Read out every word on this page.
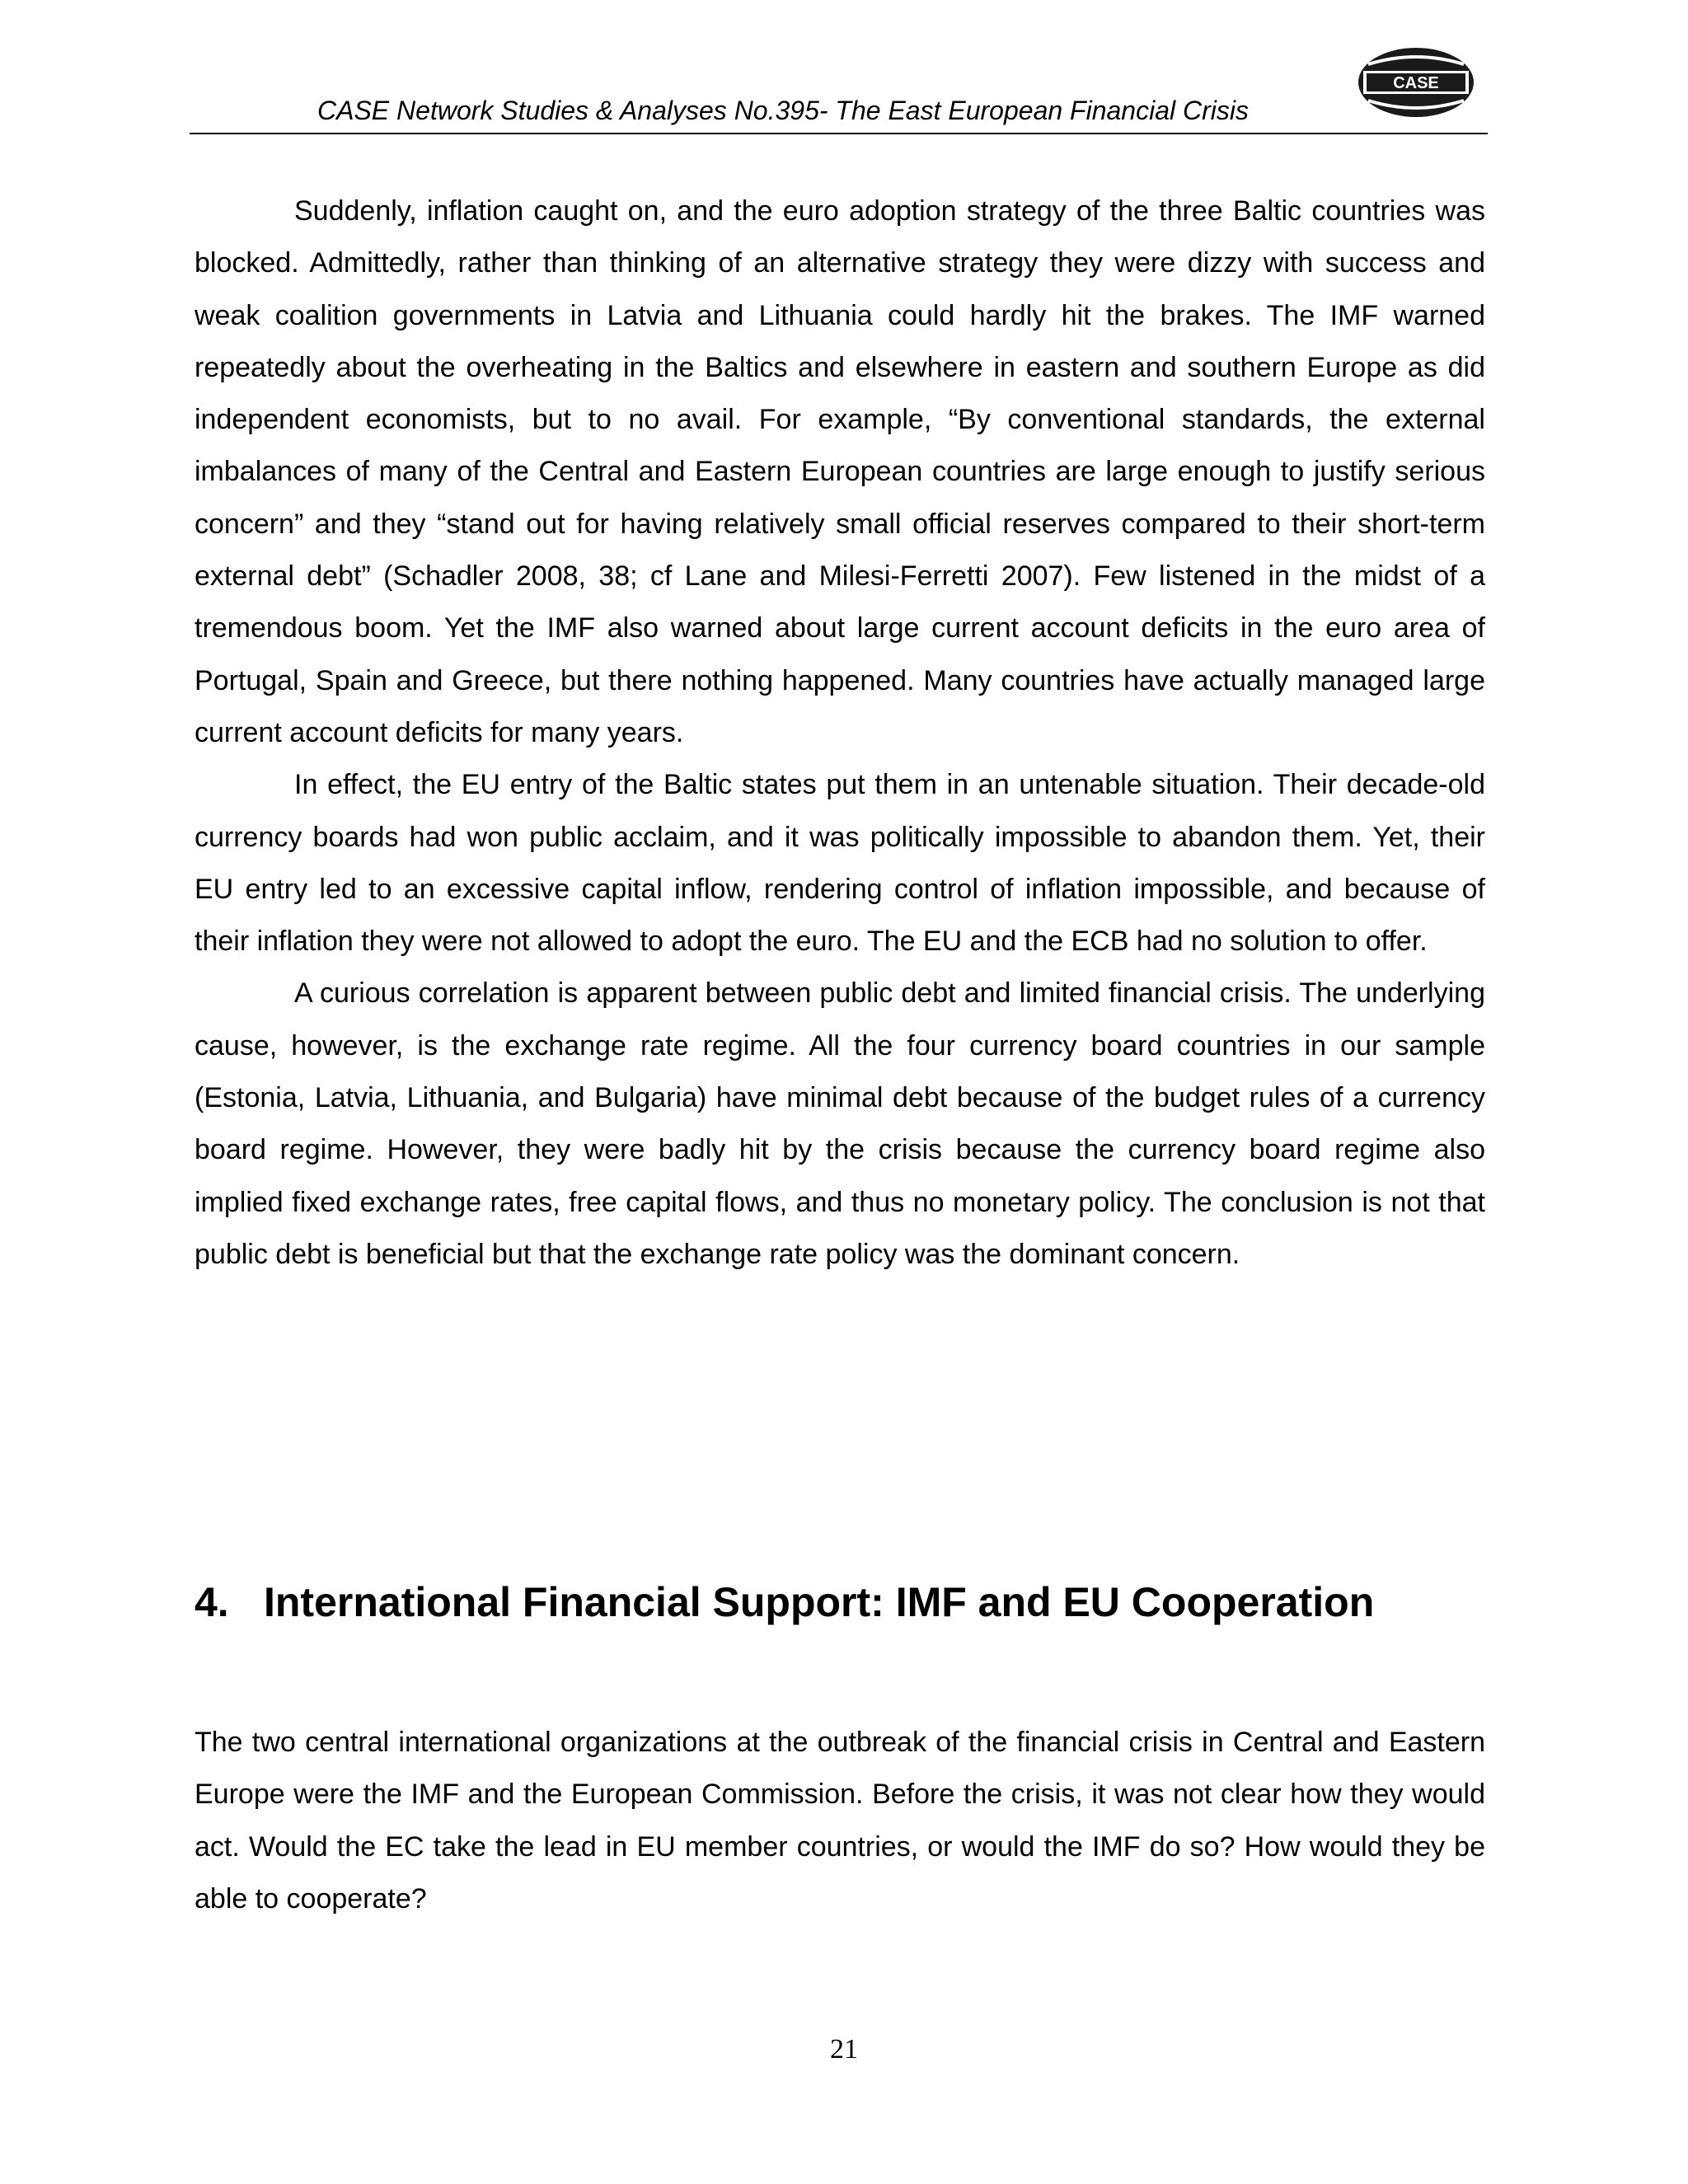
CASE Network Studies & Analyses No.395- The East European Financial Crisis
CASE

Suddenly, inflation caught on, and the euro adoption strategy of the three Baltic countries was blocked. Admittedly, rather than thinking of an alternative strategy they were dizzy with success and weak coalition governments in Latvia and Lithuania could hardly hit the brakes. The IMF warned repeatedly about the overheating in the Baltics and elsewhere in eastern and southern Europe as did independent economists, but to no avail. For example, “By conventional standards, the external imbalances of many of the Central and Eastern European countries are large enough to justify serious concern” and they “stand out for having relatively small official reserves compared to their short-term external debt” (Schadler 2008, 38; cf Lane and Milesi-Ferretti 2007). Few listened in the midst of a tremendous boom. Yet the IMF also warned about large current account deficits in the euro area of Portugal, Spain and Greece, but there nothing happened. Many countries have actually managed large current account deficits for many years.

In effect, the EU entry of the Baltic states put them in an untenable situation. Their decade-old currency boards had won public acclaim, and it was politically impossible to abandon them. Yet, their EU entry led to an excessive capital inflow, rendering control of inflation impossible, and because of their inflation they were not allowed to adopt the euro. The EU and the ECB had no solution to offer.

A curious correlation is apparent between public debt and limited financial crisis. The underlying cause, however, is the exchange rate regime. All the four currency board countries in our sample (Estonia, Latvia, Lithuania, and Bulgaria) have minimal debt because of the budget rules of a currency board regime. However, they were badly hit by the crisis because the currency board regime also implied fixed exchange rates, free capital flows, and thus no monetary policy. The conclusion is not that public debt is beneficial but that the exchange rate policy was the dominant concern.

4. International Financial Support: IMF and EU Cooperation

The two central international organizations at the outbreak of the financial crisis in Central and Eastern Europe were the IMF and the European Commission. Before the crisis, it was not clear how they would act. Would the EC take the lead in EU member countries, or would the IMF do so? How would they be able to cooperate?

21
